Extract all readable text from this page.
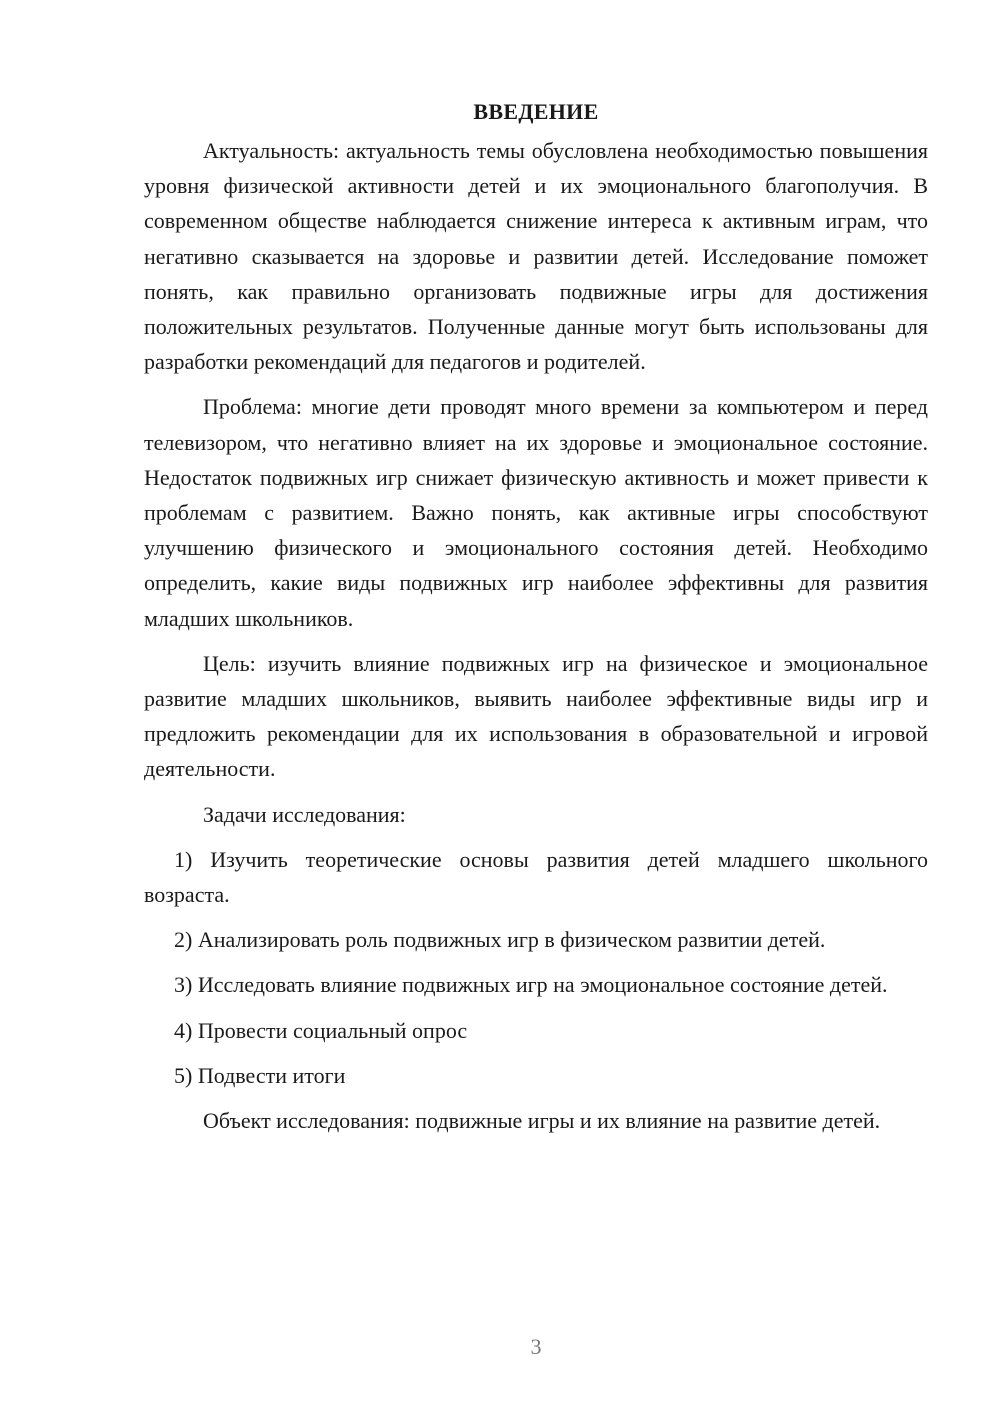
ВВЕДЕНИЕ

Актуальность: актуальность темы обусловлена необходимостью повышения уровня физической активности детей и их эмоционального благополучия. В современном обществе наблюдается снижение интереса к активным играм, что негативно сказывается на здоровье и развитии детей. Исследование поможет понять, как правильно организовать подвижные игры для достижения положительных результатов. Полученные данные могут быть использованы для разработки рекомендаций для педагогов и родителей.

Проблема: многие дети проводят много времени за компьютером и перед телевизором, что негативно влияет на их здоровье и эмоциональное состояние. Недостаток подвижных игр снижает физическую активность и может привести к проблемам с развитием. Важно понять, как активные игры способствуют улучшению физического и эмоционального состояния детей. Необходимо определить, какие виды подвижных игр наиболее эффективны для развития младших школьников.

Цель: изучить влияние подвижных игр на физическое и эмоциональное развитие младших школьников, выявить наиболее эффективные виды игр и предложить рекомендации для их использования в образовательной и игровой деятельности.

Задачи исследования:

1) Изучить теоретические основы развития детей младшего школьного возраста.

2) Анализировать роль подвижных игр в физическом развитии детей.

3) Исследовать влияние подвижных игр на эмоциональное состояние детей.

4) Провести социальный опрос

5) Подвести итоги

Объект исследования: подвижные игры и их влияние на развитие детей.

3
